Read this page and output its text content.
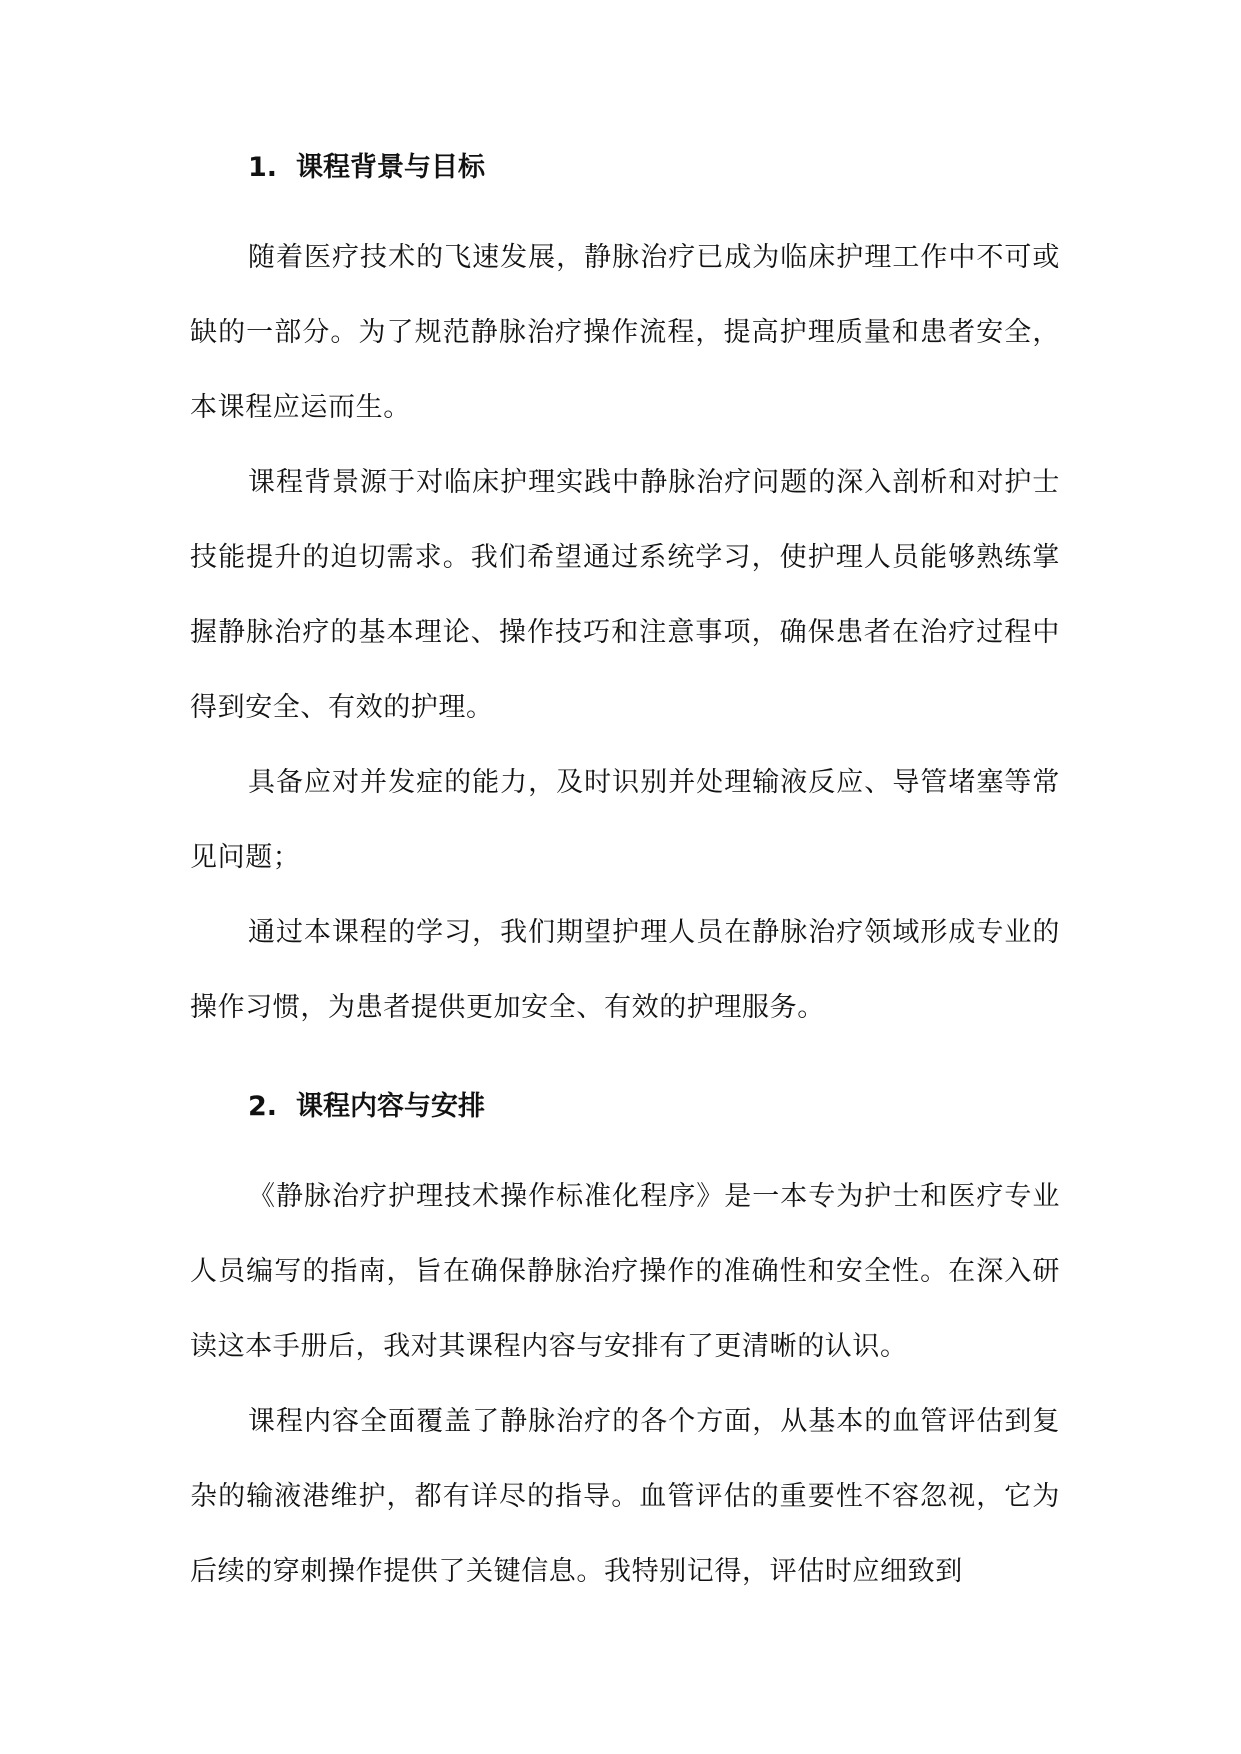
1. 课程背景与目标

随着医疗技术的飞速发展，静脉治疗已成为临床护理工作中不可或缺的一部分。为了规范静脉治疗操作流程，提高护理质量和患者安全，本课程应运而生。

课程背景源于对临床护理实践中静脉治疗问题的深入剖析和对护士技能提升的迫切需求。我们希望通过系统学习，使护理人员能够熟练掌握静脉治疗的基本理论、操作技巧和注意事项，确保患者在治疗过程中得到安全、有效的护理。

具备应对并发症的能力，及时识别并处理输液反应、导管堵塞等常见问题；

通过本课程的学习，我们期望护理人员在静脉治疗领域形成专业的操作习惯，为患者提供更加安全、有效的护理服务。

2. 课程内容与安排

《静脉治疗护理技术操作标准化程序》是一本专为护士和医疗专业人员编写的指南，旨在确保静脉治疗操作的准确性和安全性。在深入研读这本手册后，我对其课程内容与安排有了更清晰的认识。

课程内容全面覆盖了静脉治疗的各个方面，从基本的血管评估到复杂的输液港维护，都有详尽的指导。血管评估的重要性不容忽视，它为后续的穿刺操作提供了关键信息。我特别记得，评估时应细致到
